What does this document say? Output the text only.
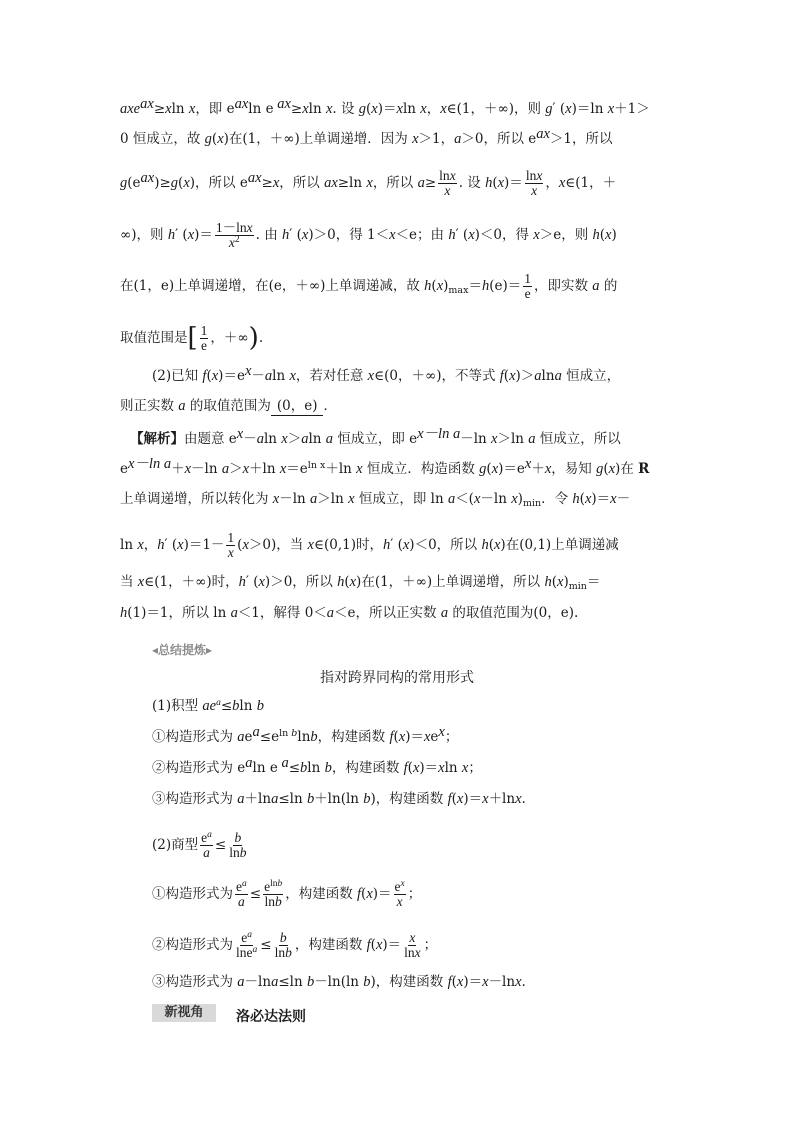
axe$^{ax}$≥xln x，即 $e^{ax}\ln$ e $^{ax}$≥xln x. 设 g(x)＝xln x，x∈(1，＋∞)，则 g′ (x)＝ln x＋1＞
0 恒成立，故 g(x)在(1，＋∞)上单调递增．因为 x＞1，a＞0，所以 $e^{ax}>1$，所以
$g(e^{ax})\ge g(x)$，所以 $e^{ax}\ge x$，所以 ax≥ln x，所以 $a\ge \frac{\ln x}{x}$ . 设 $h(x)= \frac{\ln x}{x}$ ，x∈(1，＋
∞)，则 h′ $(x)= \frac{1-\ln x}{x^2}$ . 由 h′ (x)＞0，得 1＜x＜e；由 h′ (x)＜0，得 x＞e，则 h(x)
在(1，e)上单调递增，在(e，＋∞)上单调递减，故 $h(x)_{max}=h(e)= \frac{1}{e}$ ，即实数 a 的
取值范围是[ $\frac{1}{e}$ ，＋∞).
(2)已知 $f(x)=e^x-aln$ x，若对任意 x∈(0，＋∞)，不等式 f(x)＞alna 恒成立，
则正实数 a 的取值范围为 (0，e) ．
【解析】由题意 $e^x-aln$ x＞aln a 恒成立，即 $e^{x-ln a}-\ln$ x＞ln a 恒成立，所以
$e^{x-ln a}+x-\ln$ a＞x＋ln $x=e^{ln x}+\ln$ x 恒成立．构造函数 $g(x)=e^x+x$，易知 g(x)在 R
上单调递增，所以转化为 x－ln a＞ln x 恒成立，即 ln a＜(x－ln $x)_{min}$．令 h(x)＝x－
ln x，h′ $(x)=1- \frac{1}{x} (x>0)$，当 x∈(0,1)时，h′ (x)＜0，所以 h(x)在(0,1)上单调递减
当 x∈(1，＋∞)时，h′ (x)＞0，所以 h(x)在(1，＋∞)上单调递增，所以 $h(x)_{min}=$
h(1)＝1，所以 ln a＜1，解得 0＜a＜e，所以正实数 a 的取值范围为(0，e).
◂总结提炼▸
指对跨界同构的常用形式
(1)积型 $ae^a\le bln$ b
①构造形式为 $ae^a\le e^{ln b}\ln b$，构建函数 $f(x)=xe^x$；
②构造形式为 $e^a\ln$ e $^a$≤bln b，构建函数 f(x)＝xln x；
③构造形式为 a＋lna≤ln b＋ln(ln b)，构建函数 f(x)＝x＋lnx.
(2)商型 $\frac{e^a}{a} \le \frac{b}{\ln b}$
①构造形式为 $\frac{e^a}{a} \le \frac{e^{lnb}}{\ln b}$ ，构建函数 $f(x)= \frac{e^x}{x}$ ；
②构造形式为 $\frac{e^a}{\ln e^a} \le \frac{b}{\ln b}$ ，构建函数 $f(x)= \frac{x}{\ln x}$ ；
③构造形式为 a－lna≤ln b－ln(ln b)，构建函数 f(x)＝x－lnx.
新视角	洛必达法则
